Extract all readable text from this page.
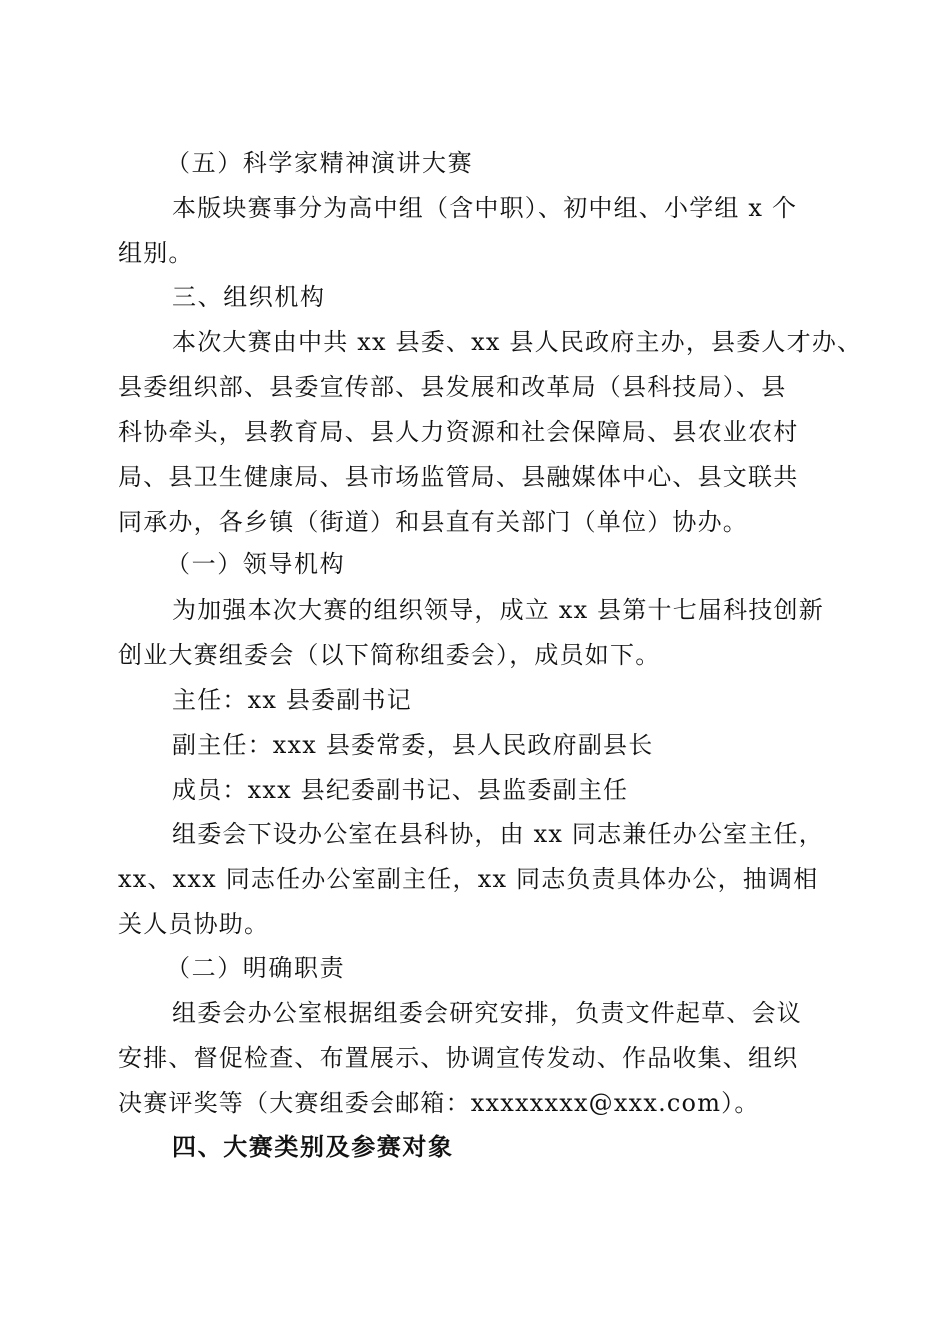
（五）科学家精神演讲大赛
本版块赛事分为高中组（含中职）、初中组、小学组 x 个
组别。
三、组织机构
本次大赛由中共 xx 县委、xx 县人民政府主办，县委人才办、
县委组织部、县委宣传部、县发展和改革局（县科技局）、县
科协牵头，县教育局、县人力资源和社会保障局、县农业农村
局、县卫生健康局、县市场监管局、县融媒体中心、县文联共
同承办，各乡镇（街道）和县直有关部门（单位）协办。
（一）领导机构
为加强本次大赛的组织领导，成立 xx 县第十七届科技创新
创业大赛组委会（以下简称组委会），成员如下。
主任：xx 县委副书记
副主任：xxx 县委常委，县人民政府副县长
成员：xxx 县纪委副书记、县监委副主任
组委会下设办公室在县科协，由 xx 同志兼任办公室主任，
xx、xxx 同志任办公室副主任，xx 同志负责具体办公，抽调相
关人员协助。
（二）明确职责
组委会办公室根据组委会研究安排，负责文件起草、会议
安排、督促检查、布置展示、协调宣传发动、作品收集、组织
决赛评奖等（大赛组委会邮箱：xxxxxxxx@xxx.com）。
四、大赛类别及参赛对象
